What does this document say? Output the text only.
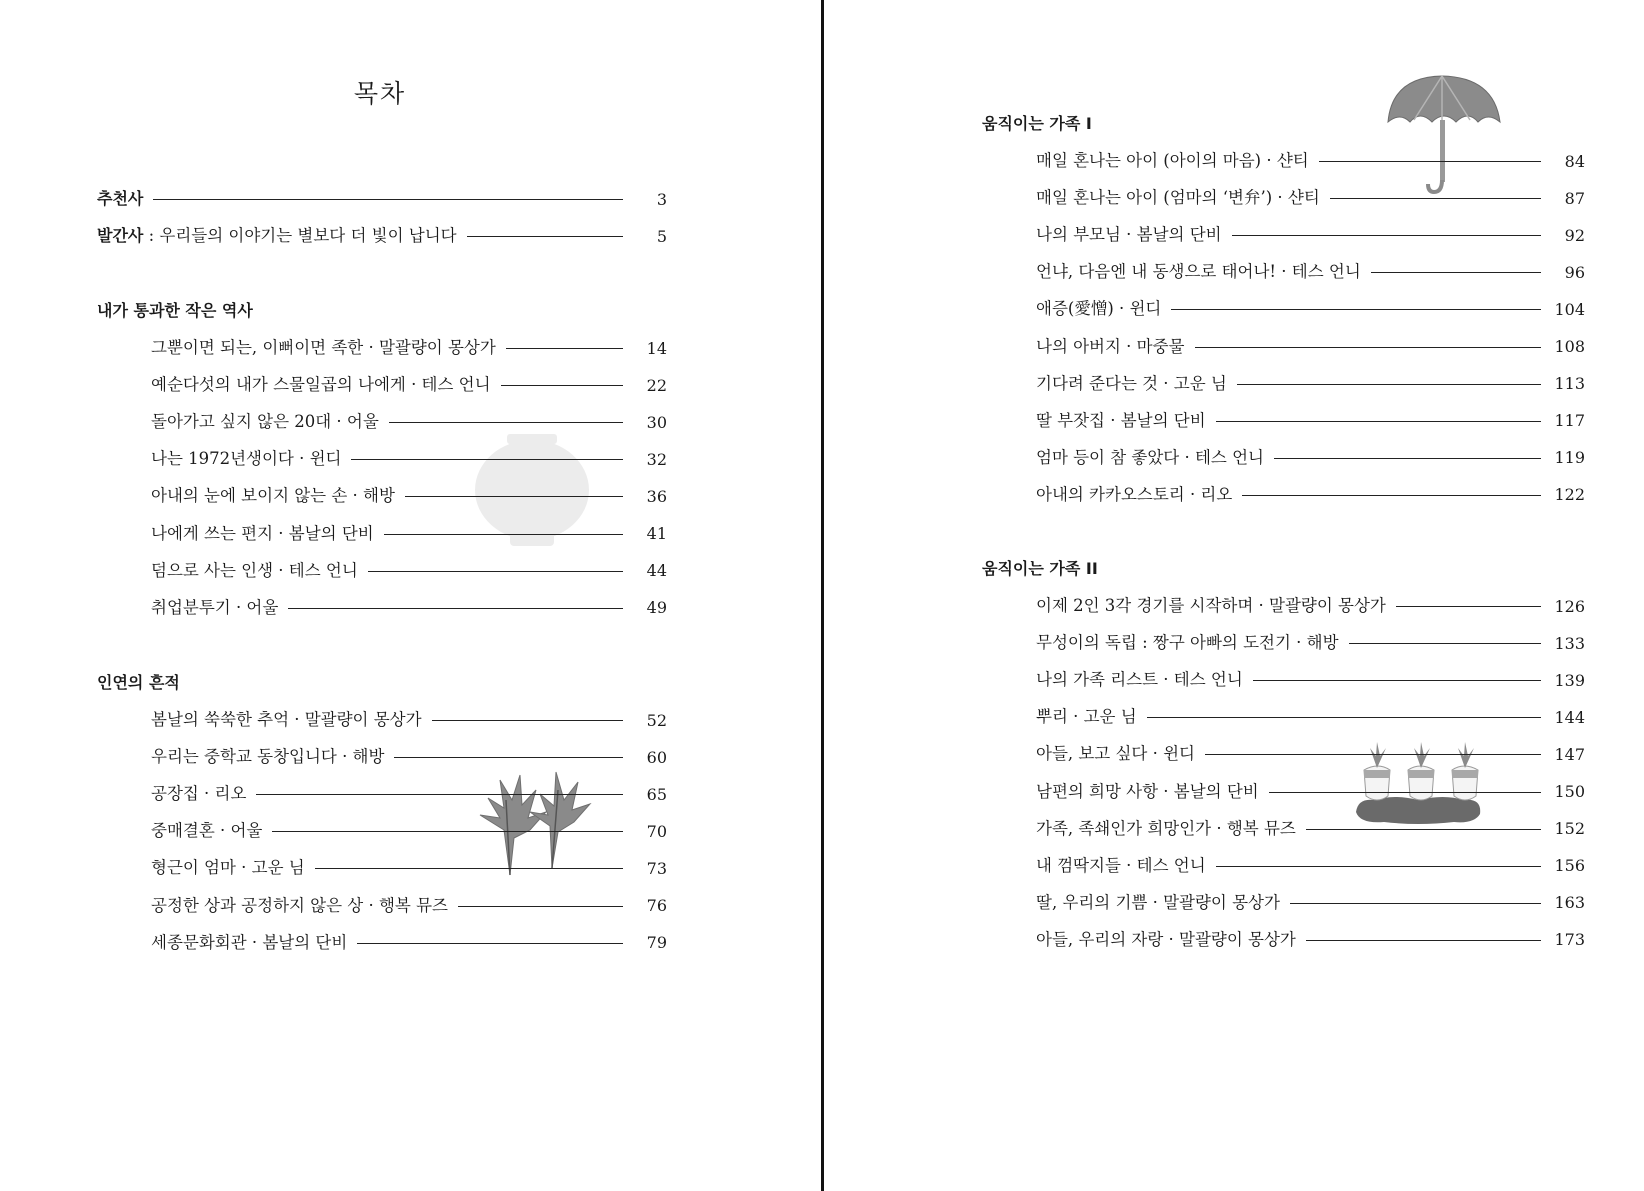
목차
추천사	3
발간사 : 우리들의 이야기는 별보다 더 빛이 납니다	5
내가 통과한 작은 역사
그뿐이면 되는, 이뻐이면 족한 · 말괄량이 몽상가	14
예순다섯의 내가 스물일곱의 나에게 · 테스 언니	22
돌아가고 싶지 않은 20대 · 어울	30
나는 1972년생이다 · 윈디	32
아내의 눈에 보이지 않는 손 · 해방	36
나에게 쓰는 편지 · 봄날의 단비	41
덤으로 사는 인생 · 테스 언니	44
취업분투기 · 어울	49
인연의 흔적
봄날의 쑥쑥한 추억 · 말괄량이 몽상가	52
우리는 중학교 동창입니다 · 해방	60
공장집 · 리오	65
중매결혼 · 어울	70
형근이 엄마 · 고운 님	73
공정한 상과 공정하지 않은 상 · 행복 뮤즈	76
세종문화회관 · 봄날의 단비	79
움직이는 가족 I
매일 혼나는 아이 (아이의 마음) · 샨티	84
매일 혼나는 아이 (엄마의 ‘변弁’) · 샨티	87
나의 부모님 · 봄날의 단비	92
언냐, 다음엔 내 동생으로 태어나! · 테스 언니	96
애증(愛憎) · 윈디	104
나의 아버지 · 마중물	108
기다려 준다는 것 · 고운 님	113
딸 부잣집 · 봄날의 단비	117
엄마 등이 참 좋았다 · 테스 언니	119
아내의 카카오스토리 · 리오	122
움직이는 가족 II
이제 2인 3각 경기를 시작하며 · 말괄량이 몽상가	126
무성이의 독립 : 짱구 아빠의 도전기 · 해방	133
나의 가족 리스트 · 테스 언니	139
뿌리 · 고운 님	144
아들, 보고 싶다 · 윈디	147
남편의 희망 사항 · 봄날의 단비	150
가족, 족쇄인가 희망인가 · 행복 뮤즈	152
내 껌딱지들 · 테스 언니	156
딸, 우리의 기쁨 · 말괄량이 몽상가	163
아들, 우리의 자랑 · 말괄량이 몽상가	173
